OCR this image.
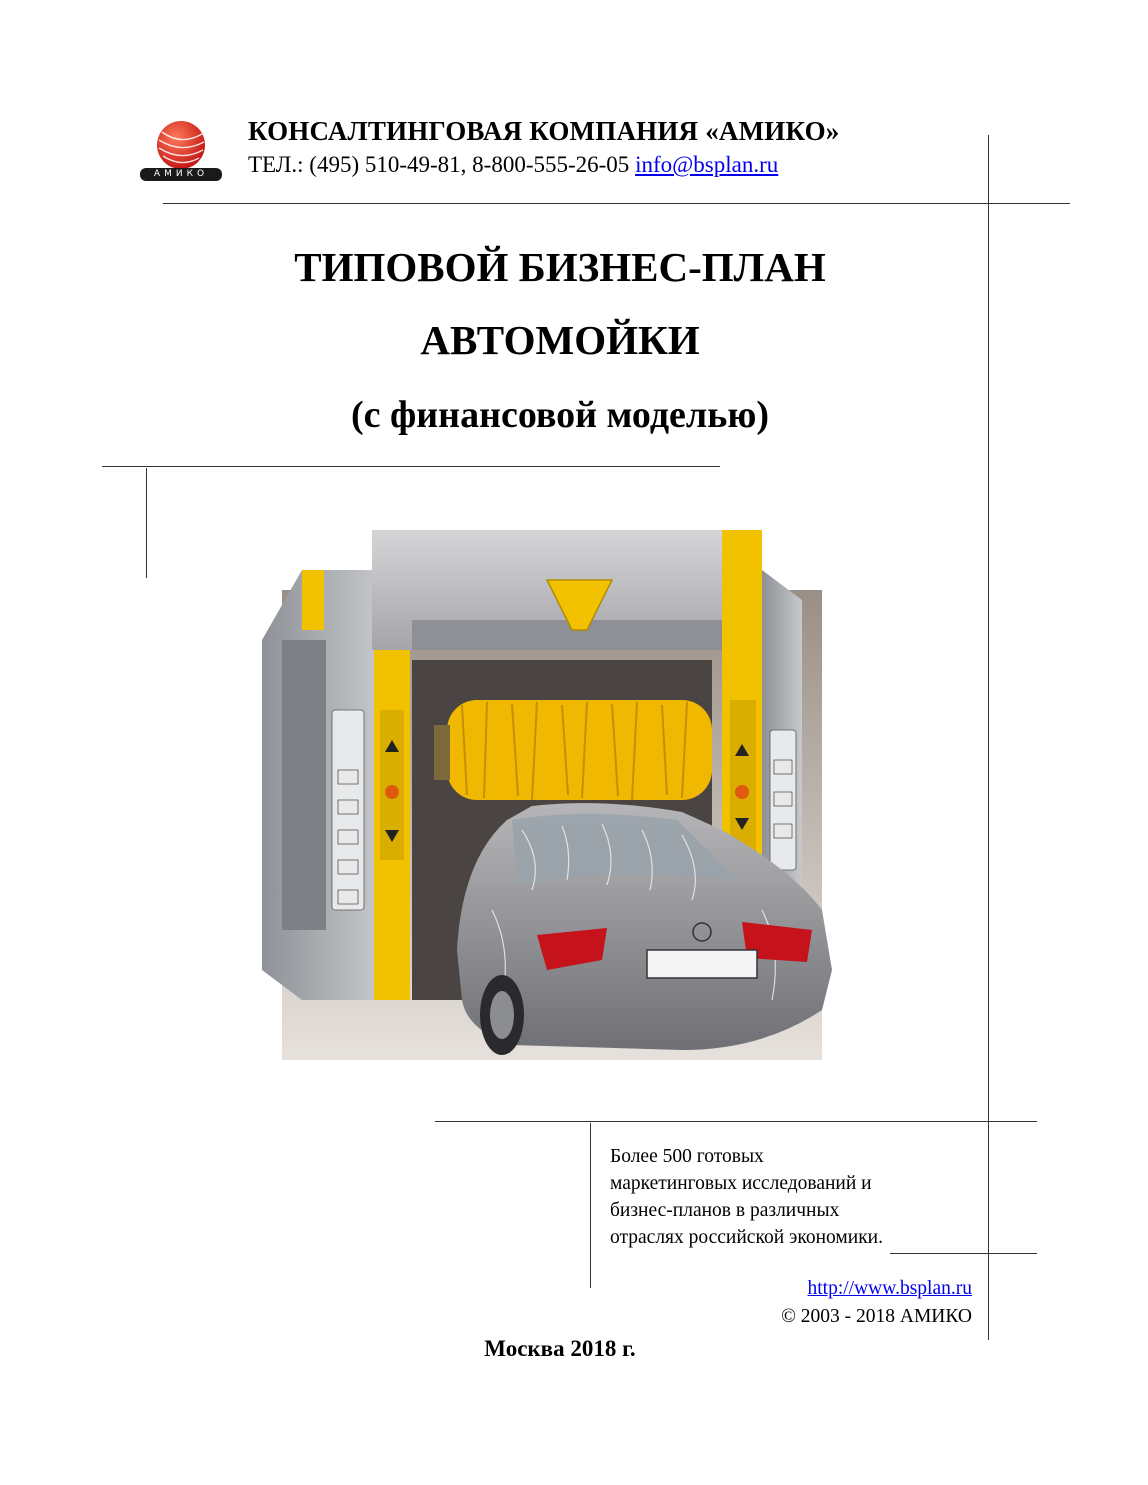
АМИКО
КОНСАЛТИНГОВАЯ КОМПАНИЯ «АМИКО»
ТЕЛ.: (495) 510-49-81, 8-800-555-26-05 info@bsplan.ru
ТИПОВОЙ БИЗНЕС-ПЛАН
АВТОМОЙКИ
(с финансовой моделью)
Более 500 готовых
маркетинговых исследований и
бизнес-планов в различных
отраслях российской экономики.
http://www.bsplan.ru
© 2003 - 2018 АМИКО
Москва 2018 г.
